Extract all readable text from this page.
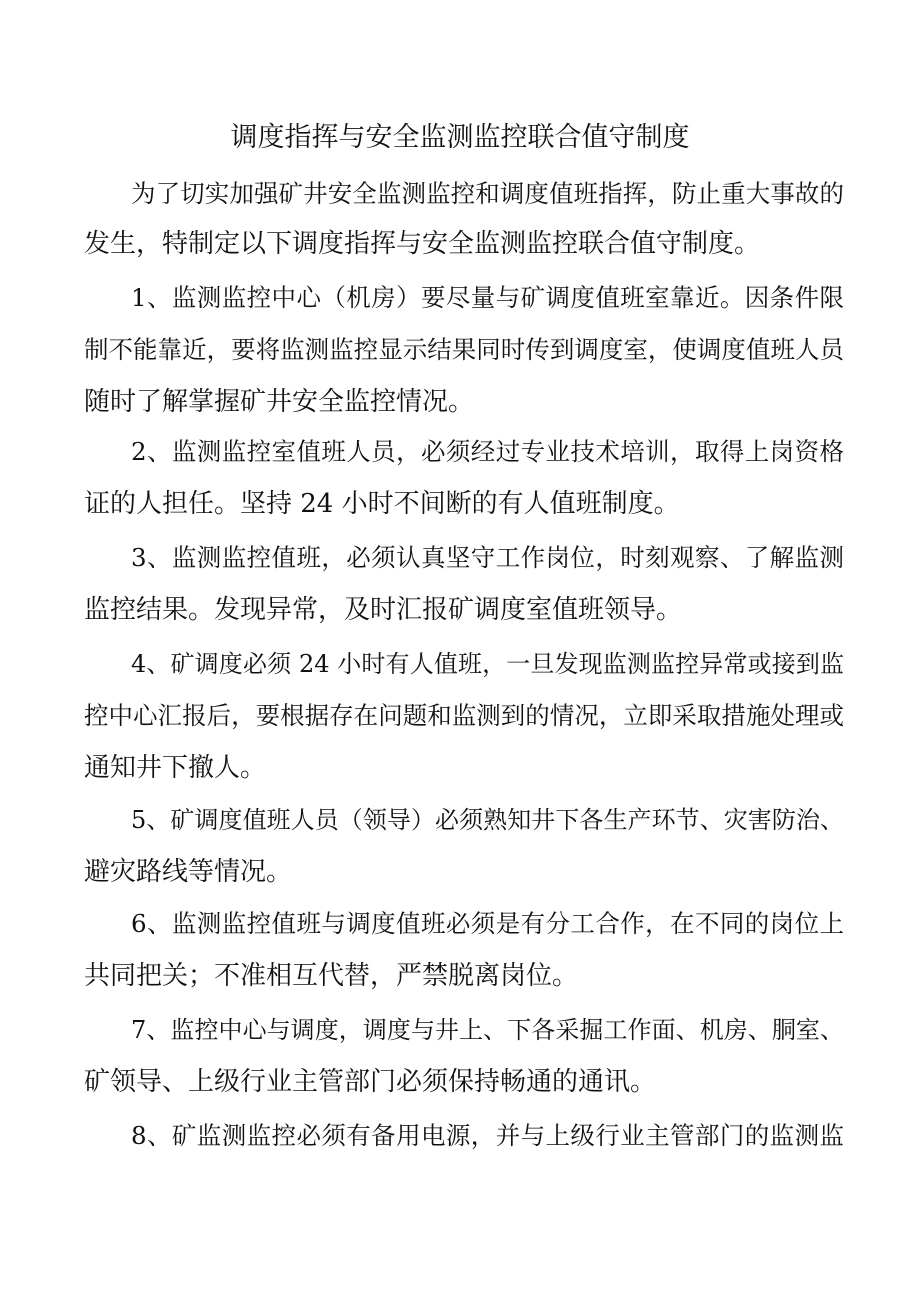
调度指挥与安全监测监控联合值守制度
为了切实加强矿井安全监测监控和调度值班指挥，防止重大事故的
发生，特制定以下调度指挥与安全监测监控联合值守制度。
1、监测监控中心（机房）要尽量与矿调度值班室靠近。因条件限
制不能靠近，要将监测监控显示结果同时传到调度室，使调度值班人员
随时了解掌握矿井安全监控情况。
2、监测监控室值班人员，必须经过专业技术培训，取得上岗资格
证的人担任。坚持 24 小时不间断的有人值班制度。
3、监测监控值班，必须认真坚守工作岗位，时刻观察、了解监测
监控结果。发现异常，及时汇报矿调度室值班领导。
4、矿调度必须 24 小时有人值班，一旦发现监测监控异常或接到监
控中心汇报后，要根据存在问题和监测到的情况，立即采取措施处理或
通知井下撤人。
5、矿调度值班人员（领导）必须熟知井下各生产环节、灾害防治、
避灾路线等情况。
6、监测监控值班与调度值班必须是有分工合作，在不同的岗位上
共同把关；不准相互代替，严禁脱离岗位。
7、监控中心与调度，调度与井上、下各采掘工作面、机房、胴室、
矿领导、上级行业主管部门必须保持畅通的通讯。
8、矿监测监控必须有备用电源，并与上级行业主管部门的监测监
